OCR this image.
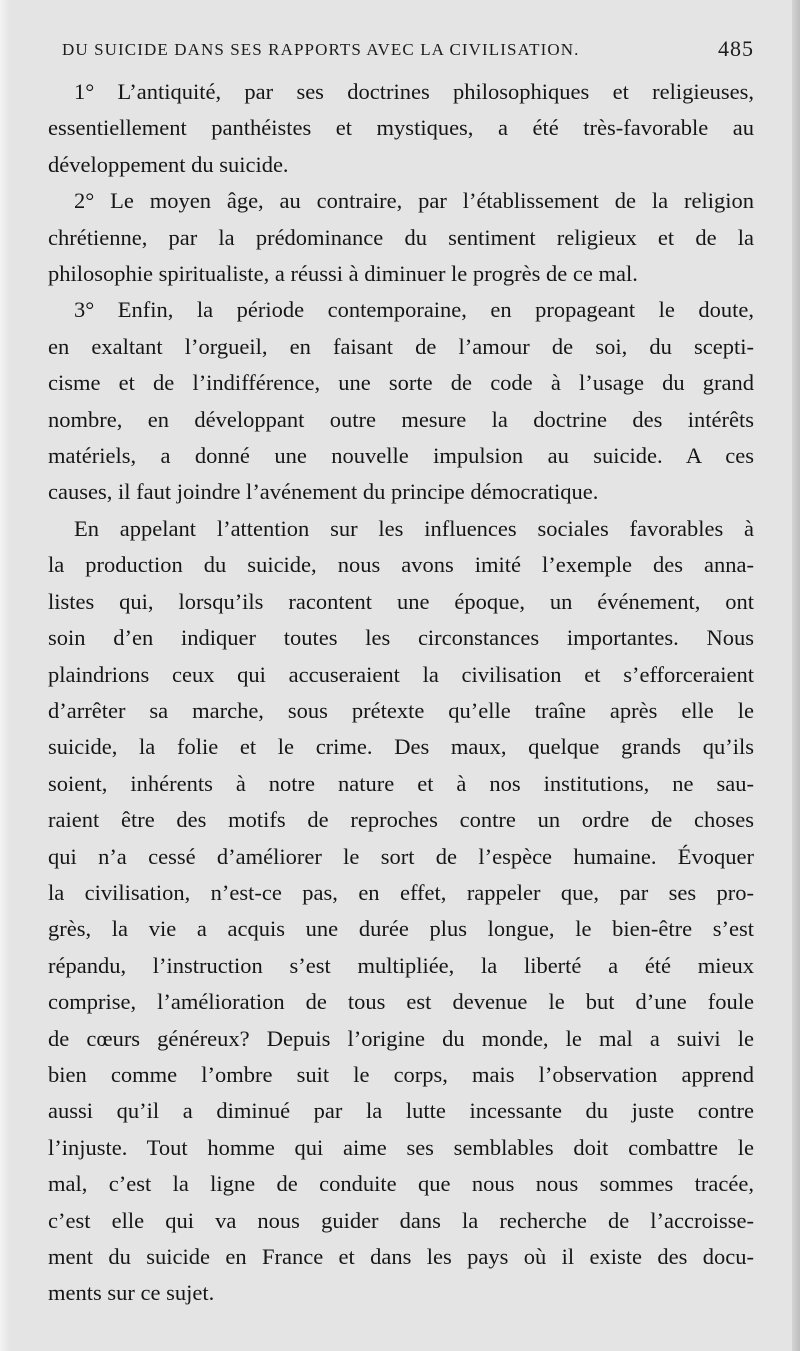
DU SUICIDE DANS SES RAPPORTS AVEC LA CIVILISATION.	485
1° L’antiquité, par ses doctrines philosophiques et religieuses,
essentiellement panthéistes et mystiques, a été très-favorable au
développement du suicide.
2° Le moyen âge, au contraire, par l’établissement de la religion
chrétienne, par la prédominance du sentiment religieux et de la
philosophie spiritualiste, a réussi à diminuer le progrès de ce mal.
3° Enfin, la période contemporaine, en propageant le doute,
en exaltant l’orgueil, en faisant de l’amour de soi, du scepti-
cisme et de l’indifférence, une sorte de code à l’usage du grand
nombre, en développant outre mesure la doctrine des intérêts
matériels, a donné une nouvelle impulsion au suicide. A ces
causes, il faut joindre l’avénement du principe démocratique.
En appelant l’attention sur les influences sociales favorables à
la production du suicide, nous avons imité l’exemple des anna-
listes qui, lorsqu’ils racontent une époque, un événement, ont
soin d’en indiquer toutes les circonstances importantes. Nous
plaindrions ceux qui accuseraient la civilisation et s’efforceraient
d’arrêter sa marche, sous prétexte qu’elle traîne après elle le
suicide, la folie et le crime. Des maux, quelque grands qu’ils
soient, inhérents à notre nature et à nos institutions, ne sau-
raient être des motifs de reproches contre un ordre de choses
qui n’a cessé d’améliorer le sort de l’espèce humaine. Évoquer
la civilisation, n’est-ce pas, en effet, rappeler que, par ses pro-
grès, la vie a acquis une durée plus longue, le bien-être s’est
répandu, l’instruction s’est multipliée, la liberté a été mieux
comprise, l’amélioration de tous est devenue le but d’une foule
de cœurs généreux? Depuis l’origine du monde, le mal a suivi le
bien comme l’ombre suit le corps, mais l’observation apprend
aussi qu’il a diminué par la lutte incessante du juste contre
l’injuste. Tout homme qui aime ses semblables doit combattre le
mal, c’est la ligne de conduite que nous nous sommes tracée,
c’est elle qui va nous guider dans la recherche de l’accroisse-
ment du suicide en France et dans les pays où il existe des docu-
ments sur ce sujet.
